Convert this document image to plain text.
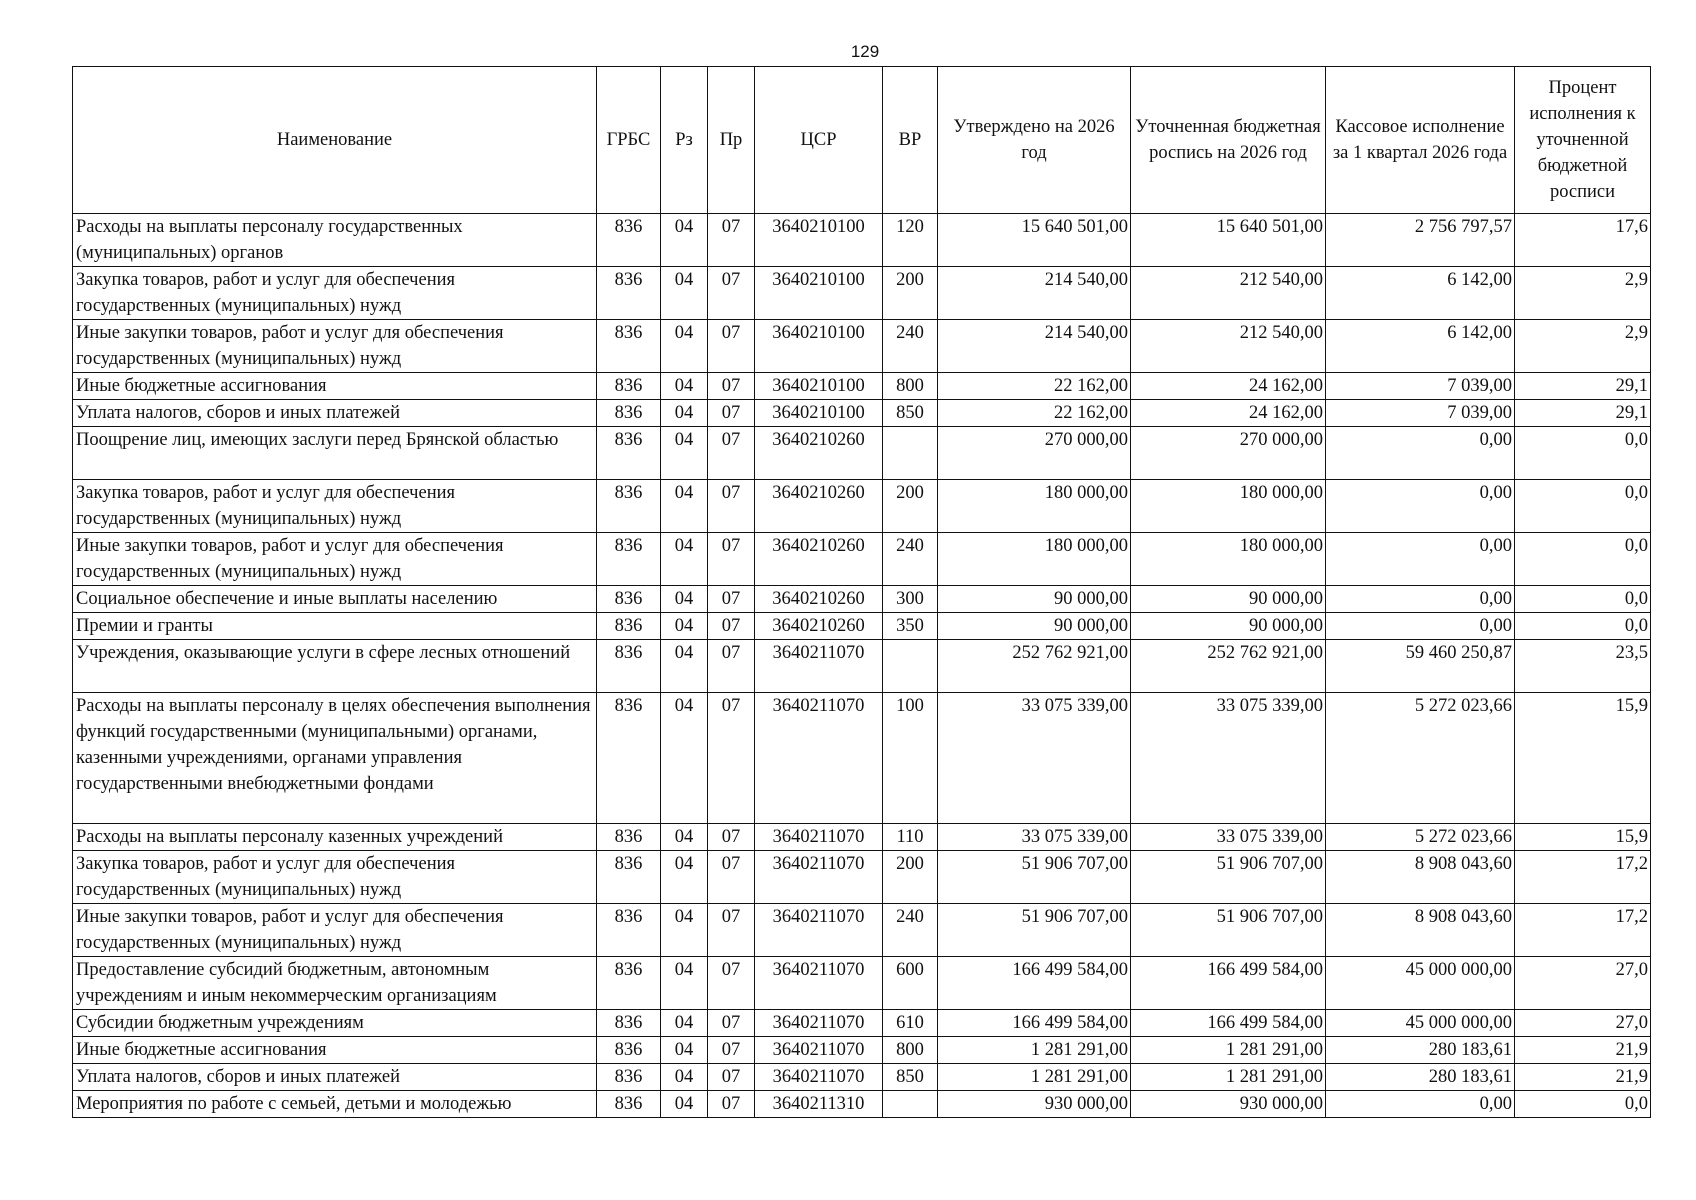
129
Наименование	ГРБС	Рз	Пр	ЦСР	ВР	Утверждено на 2026 год	Уточненная бюджетная роспись на 2026 год	Кассовое исполнение за 1 квартал 2026 года	Процент исполнения к уточненной бюджетной росписи
Расходы на выплаты персоналу государственных (муниципальных) органов	836	04	07	3640210100	120	15 640 501,00	15 640 501,00	2 756 797,57	17,6
Закупка товаров, работ и услуг для обеспечения государственных (муниципальных) нужд	836	04	07	3640210100	200	214 540,00	212 540,00	6 142,00	2,9
Иные закупки товаров, работ и услуг для обеспечения государственных (муниципальных) нужд	836	04	07	3640210100	240	214 540,00	212 540,00	6 142,00	2,9
Иные бюджетные ассигнования	836	04	07	3640210100	800	22 162,00	24 162,00	7 039,00	29,1
Уплата налогов, сборов и иных платежей	836	04	07	3640210100	850	22 162,00	24 162,00	7 039,00	29,1
Поощрение лиц, имеющих заслуги перед Брянской областью	836	04	07	3640210260		270 000,00	270 000,00	0,00	0,0
Закупка товаров, работ и услуг для обеспечения государственных (муниципальных) нужд	836	04	07	3640210260	200	180 000,00	180 000,00	0,00	0,0
Иные закупки товаров, работ и услуг для обеспечения государственных (муниципальных) нужд	836	04	07	3640210260	240	180 000,00	180 000,00	0,00	0,0
Социальное обеспечение и иные выплаты населению	836	04	07	3640210260	300	90 000,00	90 000,00	0,00	0,0
Премии и гранты	836	04	07	3640210260	350	90 000,00	90 000,00	0,00	0,0
Учреждения, оказывающие услуги в сфере лесных отношений	836	04	07	3640211070		252 762 921,00	252 762 921,00	59 460 250,87	23,5
Расходы на выплаты персоналу в целях обеспечения выполнения функций государственными (муниципальными) органами, казенными учреждениями, органами управления государственными внебюджетными фондами	836	04	07	3640211070	100	33 075 339,00	33 075 339,00	5 272 023,66	15,9
Расходы на выплаты персоналу казенных учреждений	836	04	07	3640211070	110	33 075 339,00	33 075 339,00	5 272 023,66	15,9
Закупка товаров, работ и услуг для обеспечения государственных (муниципальных) нужд	836	04	07	3640211070	200	51 906 707,00	51 906 707,00	8 908 043,60	17,2
Иные закупки товаров, работ и услуг для обеспечения государственных (муниципальных) нужд	836	04	07	3640211070	240	51 906 707,00	51 906 707,00	8 908 043,60	17,2
Предоставление субсидий бюджетным, автономным учреждениям и иным некоммерческим организациям	836	04	07	3640211070	600	166 499 584,00	166 499 584,00	45 000 000,00	27,0
Субсидии бюджетным учреждениям	836	04	07	3640211070	610	166 499 584,00	166 499 584,00	45 000 000,00	27,0
Иные бюджетные ассигнования	836	04	07	3640211070	800	1 281 291,00	1 281 291,00	280 183,61	21,9
Уплата налогов, сборов и иных платежей	836	04	07	3640211070	850	1 281 291,00	1 281 291,00	280 183,61	21,9
Мероприятия по работе с семьей, детьми и молодежью	836	04	07	3640211310		930 000,00	930 000,00	0,00	0,0
